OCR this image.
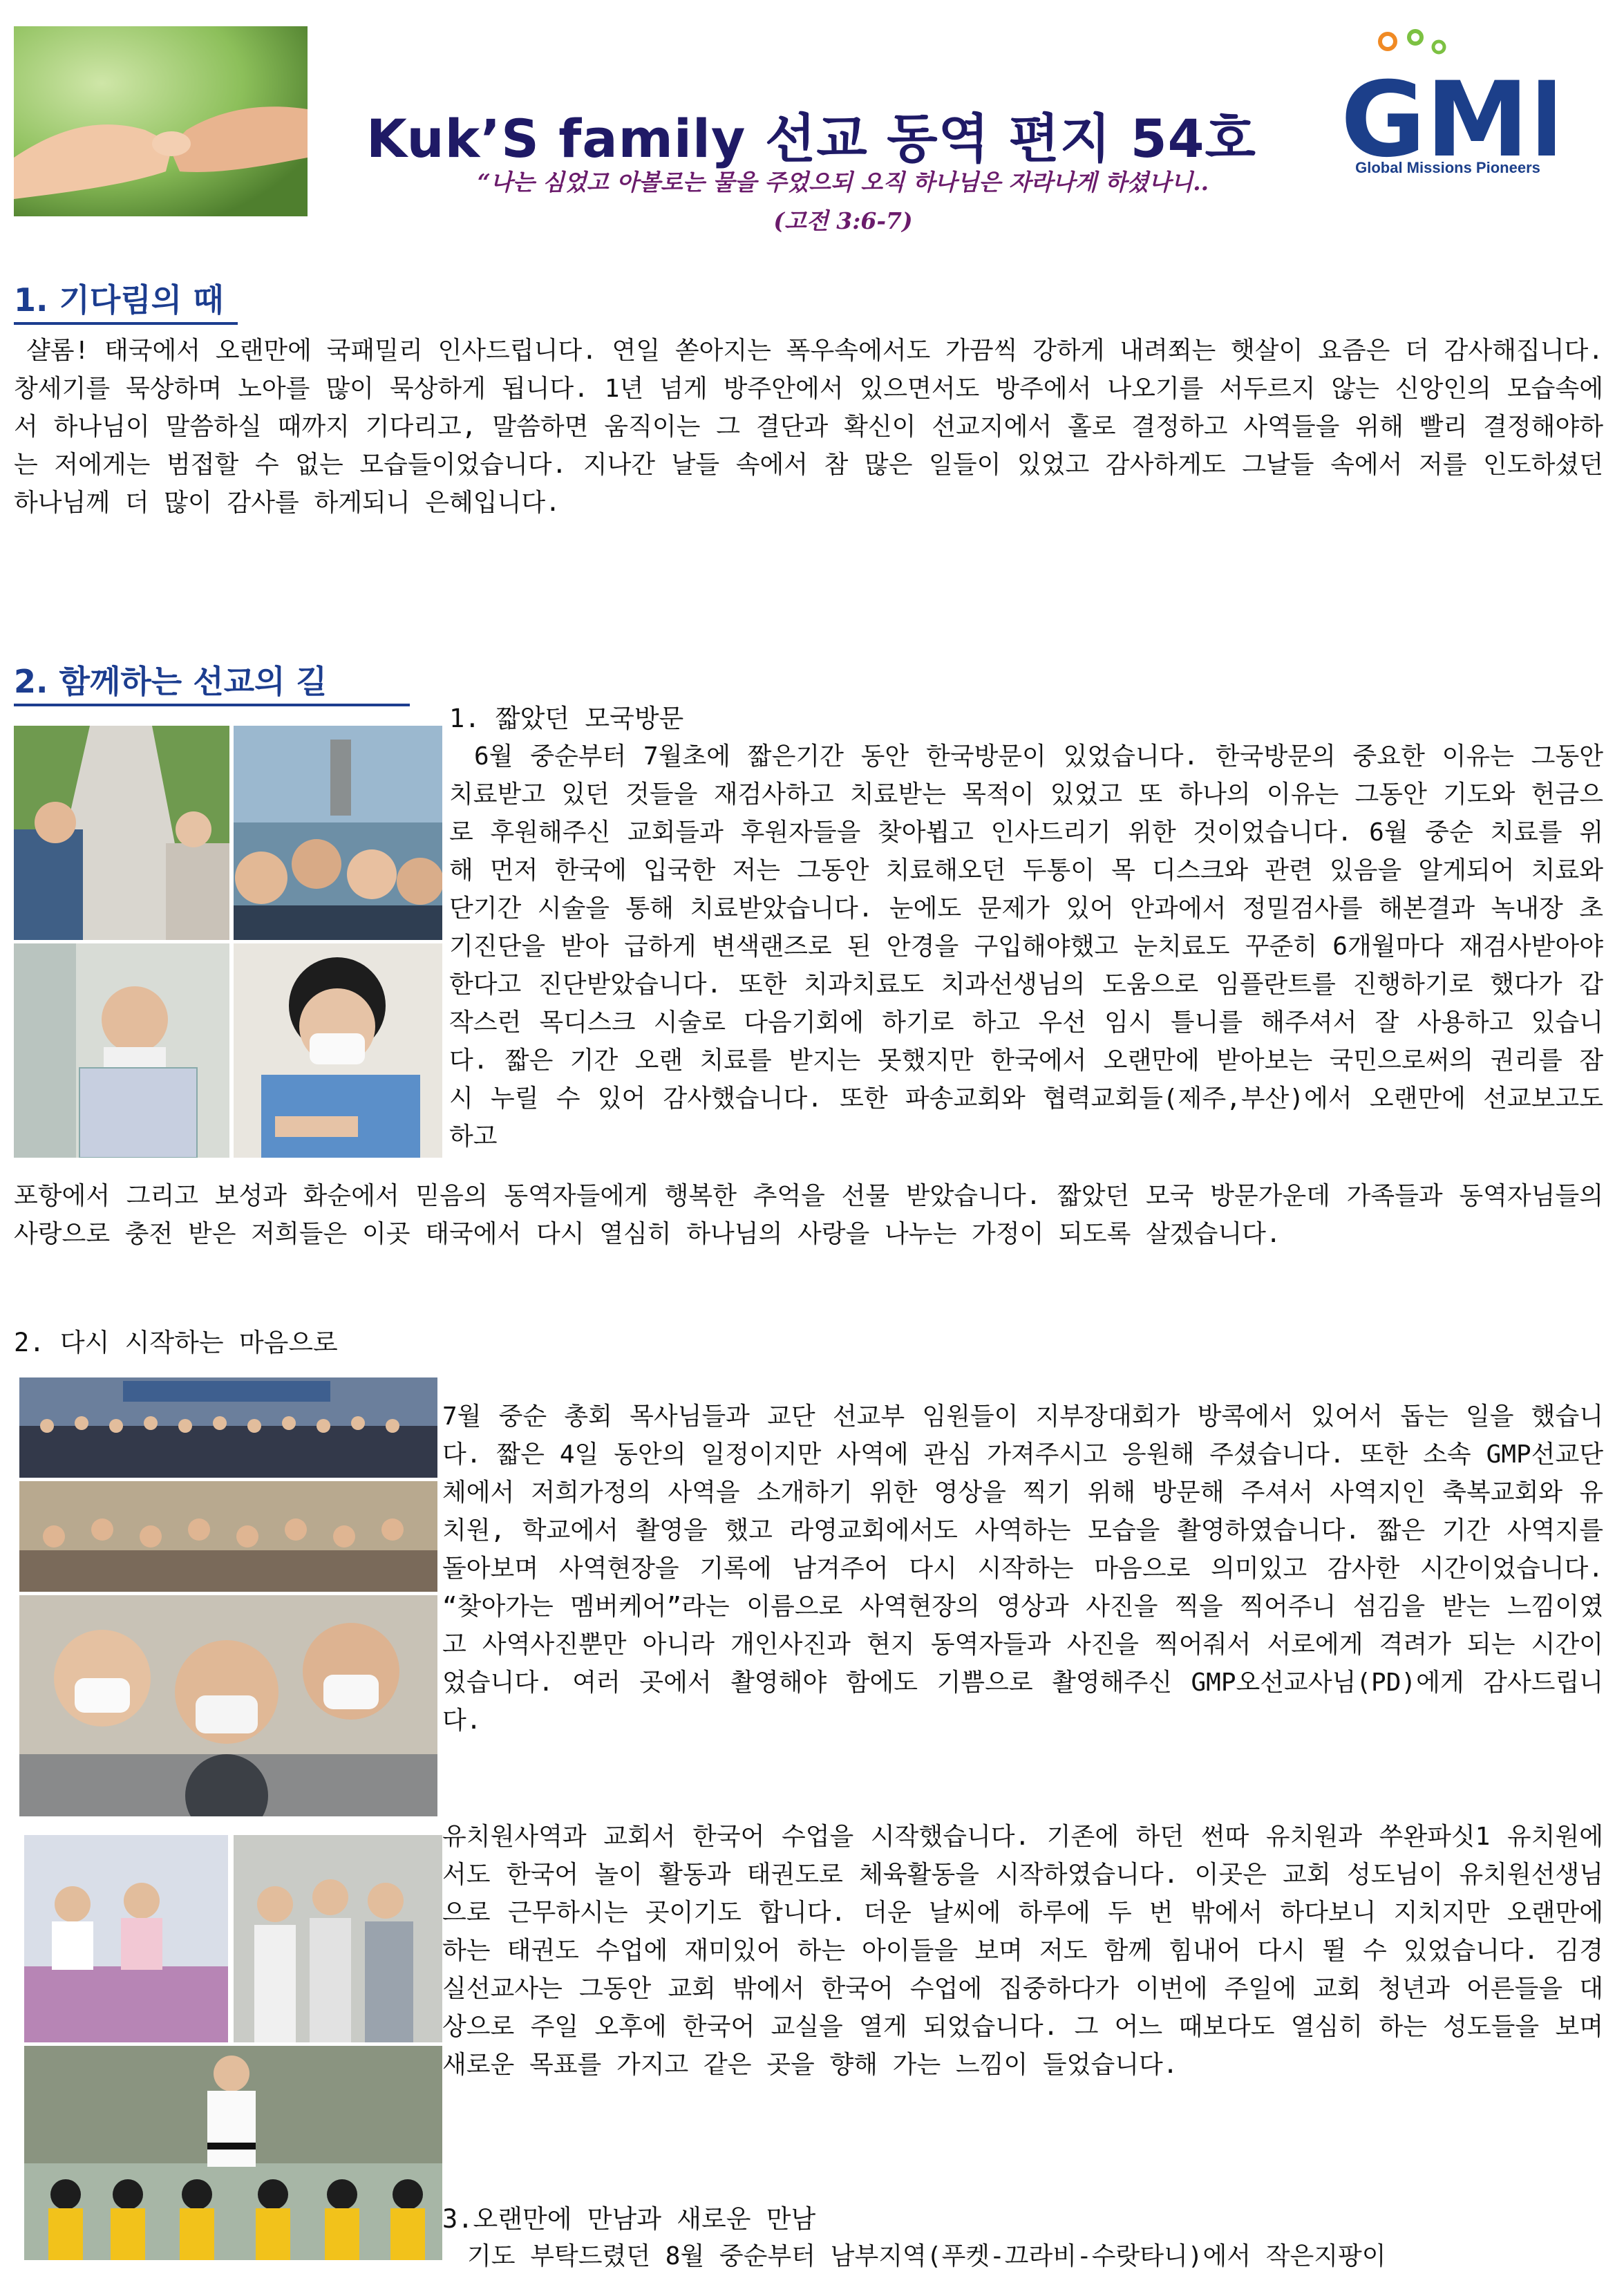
Kuk’S family 선교 동역 편지 54호
“나는 심었고 아볼로는 물을 주었으되 오직 하나님은 자라나게 하셨나니..
(고전 3:6-7)
GM
Global Missions Pioneers
1. 기다림의 때
샬롬! 태국에서 오랜만에 국패밀리 인사드립니다. 연일 쏟아지는 폭우속에서도 가끔씩 강하게 내려쬐는 햇살이 요즘은 더 감사해집니다. 창세기를 묵상하며 노아를 많이 묵상하게 됩니다. 1년 넘게 방주안에서 있으면서도 방주에서 나오기를 서두르지 않는 신앙인의 모습속에서 하나님이 말씀하실 때까지 기다리고, 말씀하면 움직이는 그 결단과 확신이 선교지에서 홀로 결정하고 사역들을 위해 빨리 결정해야하는 저에게는 범접할 수 없는 모습들이었습니다. 지나간 날들 속에서 참 많은 일들이 있었고 감사하게도 그날들 속에서 저를 인도하셨던 하나님께 더 많이 감사를 하게되니 은혜입니다.
2. 함께하는 선교의 길
1. 짧았던 모국방문
6월 중순부터 7월초에 짧은기간 동안 한국방문이 있었습니다. 한국방문의 중요한 이유는 그동안 치료받고 있던 것들을 재검사하고 치료받는 목적이 있었고 또 하나의 이유는 그동안 기도와 헌금으로 후원해주신 교회들과 후원자들을 찾아뵙고 인사드리기 위한 것이었습니다. 6월 중순 치료를 위해 먼저 한국에 입국한 저는 그동안 치료해오던 두통이 목 디스크와 관련 있음을 알게되어 치료와 단기간 시술을 통해 치료받았습니다. 눈에도 문제가 있어 안과에서 정밀검사를 해본결과 녹내장 초기진단을 받아 급하게 변색랜즈로 된 안경을 구입해야했고 눈치료도 꾸준히 6개월마다 재검사받아야 한다고 진단받았습니다. 또한 치과치료도 치과선생님의 도움으로 임플란트를 진행하기로 했다가 갑작스런 목디스크 시술로 다음기회에 하기로 하고 우선 임시 틀니를 해주셔서 잘 사용하고 있습니다. 짧은 기간 오랜 치료를 받지는 못했지만 한국에서 오랜만에 받아보는 국민으로써의 권리를 잠시 누릴 수 있어 감사했습니다. 또한 파송교회와 협력교회들(제주,부산)에서 오랜만에 선교보고도 하고
포항에서 그리고 보성과 화순에서 믿음의 동역자들에게 행복한 추억을 선물 받았습니다. 짧았던 모국 방문가운데 가족들과 동역자님들의 사랑으로 충전 받은 저희들은 이곳 태국에서 다시 열심히 하나님의 사랑을 나누는 가정이 되도록 살겠습니다.
2. 다시 시작하는 마음으로
7월 중순 총회 목사님들과 교단 선교부 임원들이 지부장대회가 방콕에서 있어서 돕는 일을 했습니다. 짧은 4일 동안의 일정이지만 사역에 관심 가져주시고 응원해 주셨습니다. 또한 소속 GMP선교단체에서 저희가정의 사역을 소개하기 위한 영상을 찍기 위해 방문해 주셔서 사역지인 축복교회와 유치원, 학교에서 촬영을 했고 라영교회에서도 사역하는 모습을 촬영하였습니다. 짧은 기간 사역지를 돌아보며 사역현장을 기록에 남겨주어 다시 시작하는 마음으로 의미있고 감사한 시간이었습니다. “찾아가는 멤버케어”라는 이름으로 사역현장의 영상과 사진을 찍을 찍어주니 섬김을 받는 느낌이였고 사역사진뿐만 아니라 개인사진과 현지 동역자들과 사진을 찍어줘서 서로에게 격려가 되는 시간이었습니다. 여러 곳에서 촬영해야 함에도 기쁨으로 촬영해주신 GMP오선교사님(PD)에게 감사드립니다.
유치원사역과 교회서 한국어 수업을 시작했습니다. 기존에 하던 썬따 유치원과 쑤완파싯1 유치원에서도 한국어 놀이 활동과 태권도로 체육활동을 시작하였습니다. 이곳은 교회 성도님이 유치원선생님으로 근무하시는 곳이기도 합니다. 더운 날씨에 하루에 두 번 밖에서 하다보니 지치지만 오랜만에 하는 태권도 수업에 재미있어 하는 아이들을 보며 저도 함께 힘내어 다시 뛸 수 있었습니다. 김경실선교사는 그동안 교회 밖에서 한국어 수업에 집중하다가 이번에 주일에 교회 청년과 어른들을 대상으로 주일 오후에 한국어 교실을 열게 되었습니다. 그 어느 때보다도 열심히 하는 성도들을 보며 새로운 목표를 가지고 같은 곳을 향해 가는 느낌이 들었습니다.
3.오랜만에 만남과 새로운 만남
기도 부탁드렸던 8월 중순부터 남부지역(푸켓-끄라비-수랏타니)에서 작은지팡이
